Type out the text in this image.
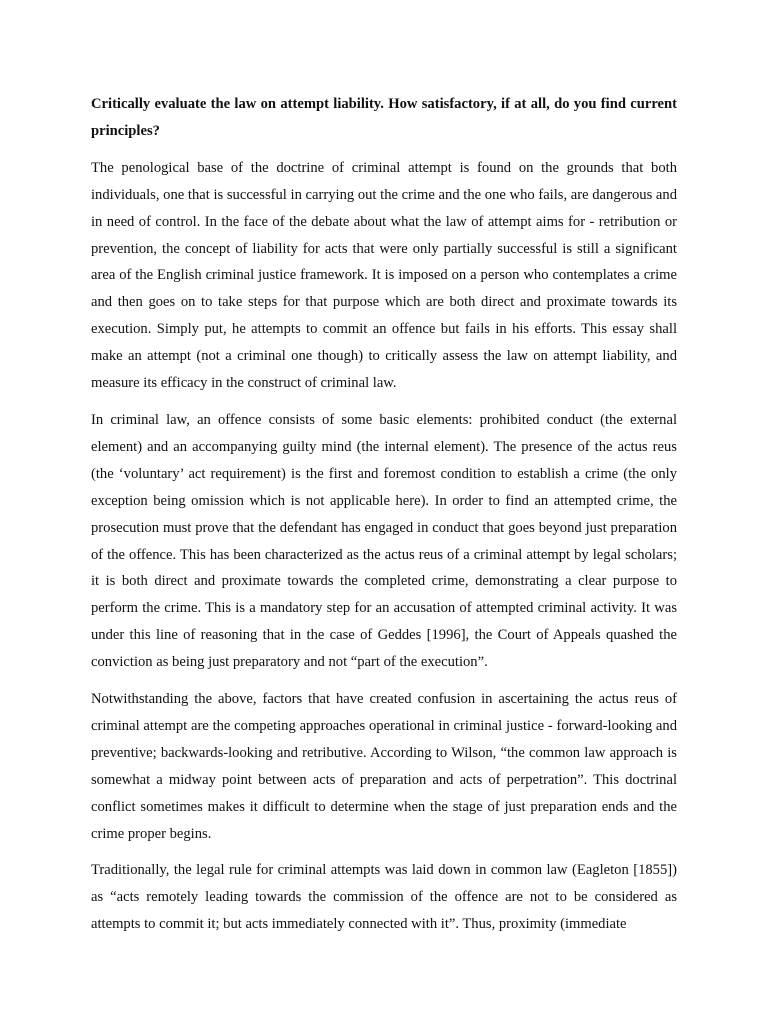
Critically evaluate the law on attempt liability. How satisfactory, if at all, do you find current principles?

The penological base of the doctrine of criminal attempt is found on the grounds that both individuals, one that is successful in carrying out the crime and the one who fails, are dangerous and in need of control. In the face of the debate about what the law of attempt aims for - retribution or prevention, the concept of liability for acts that were only partially successful is still a significant area of the English criminal justice framework. It is imposed on a person who contemplates a crime and then goes on to take steps for that purpose which are both direct and proximate towards its execution. Simply put, he attempts to commit an offence but fails in his efforts. This essay shall make an attempt (not a criminal one though) to critically assess the law on attempt liability, and measure its efficacy in the construct of criminal law.

In criminal law, an offence consists of some basic elements: prohibited conduct (the external element) and an accompanying guilty mind (the internal element). The presence of the actus reus (the ‘voluntary’ act requirement) is the first and foremost condition to establish a crime (the only exception being omission which is not applicable here). In order to find an attempted crime, the prosecution must prove that the defendant has engaged in conduct that goes beyond just preparation of the offence. This has been characterized as the actus reus of a criminal attempt by legal scholars; it is both direct and proximate towards the completed crime, demonstrating a clear purpose to perform the crime. This is a mandatory step for an accusation of attempted criminal activity. It was under this line of reasoning that in the case of Geddes [1996], the Court of Appeals quashed the conviction as being just preparatory and not “part of the execution”.

Notwithstanding the above, factors that have created confusion in ascertaining the actus reus of criminal attempt are the competing approaches operational in criminal justice - forward-looking and preventive; backwards-looking and retributive. According to Wilson, “the common law approach is somewhat a midway point between acts of preparation and acts of perpetration”. This doctrinal conflict sometimes makes it difficult to determine when the stage of just preparation ends and the crime proper begins.

Traditionally, the legal rule for criminal attempts was laid down in common law (Eagleton [1855]) as “acts remotely leading towards the commission of the offence are not to be considered as attempts to commit it; but acts immediately connected with it”. Thus, proximity (immediate
